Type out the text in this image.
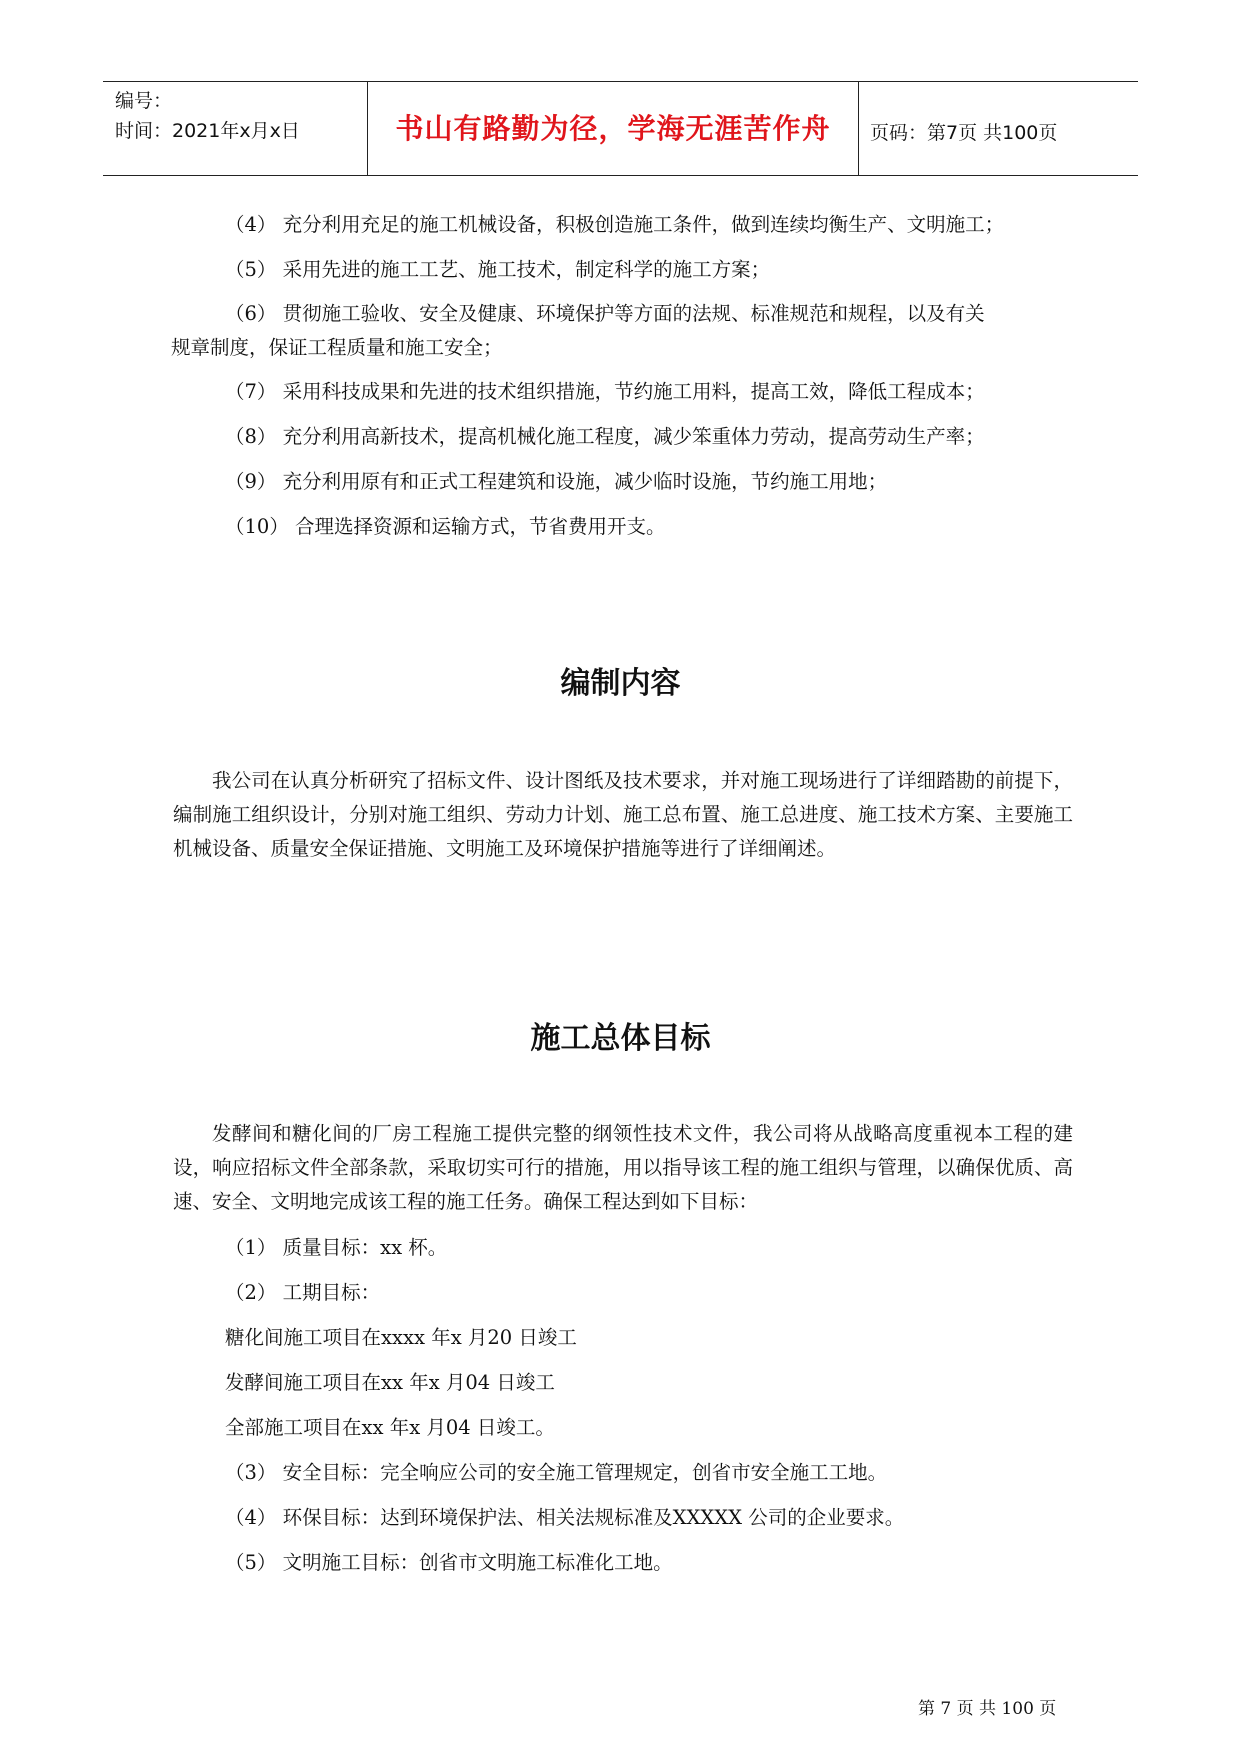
编号：
时间：2021年x月x日	书山有路勤为径，学海无涯苦作舟	页码：第7页 共100页
（4） 充分利用充足的施工机械设备，积极创造施工条件，做到连续均衡生产、文明施工；
（5） 采用先进的施工工艺、施工技术，制定科学的施工方案；
（6） 贯彻施工验收、安全及健康、环境保护等方面的法规、标准规范和规程，以及有关
规章制度，保证工程质量和施工安全；
（7） 采用科技成果和先进的技术组织措施，节约施工用料，提高工效，降低工程成本；
（8） 充分利用高新技术，提高机械化施工程度，减少笨重体力劳动，提高劳动生产率；
（9） 充分利用原有和正式工程建筑和设施，减少临时设施，节约施工用地；
（10） 合理选择资源和运输方式，节省费用开支。
编制内容
我公司在认真分析研究了招标文件、设计图纸及技术要求，并对施工现场进行了详细踏勘的前提下，编制施工组织设计，分别对施工组织、劳动力计划、施工总布置、施工总进度、施工技术方案、主要施工机械设备、质量安全保证措施、文明施工及环境保护措施等进行了详细阐述。
施工总体目标
发酵间和糖化间的厂房工程施工提供完整的纲领性技术文件，我公司将从战略高度重视本工程的建设，响应招标文件全部条款，采取切实可行的措施，用以指导该工程的施工组织与管理，以确保优质、高速、安全、文明地完成该工程的施工任务。确保工程达到如下目标：
（1） 质量目标：xx 杯。
（2） 工期目标：
糖化间施工项目在xxxx 年x 月20 日竣工
发酵间施工项目在xx 年x 月04 日竣工
全部施工项目在xx 年x 月04 日竣工。
（3） 安全目标：完全响应公司的安全施工管理规定，创省市安全施工工地。
（4） 环保目标：达到环境保护法、相关法规标准及XXXXX 公司的企业要求。
（5） 文明施工目标：创省市文明施工标准化工地。
第 7 页 共 100 页
